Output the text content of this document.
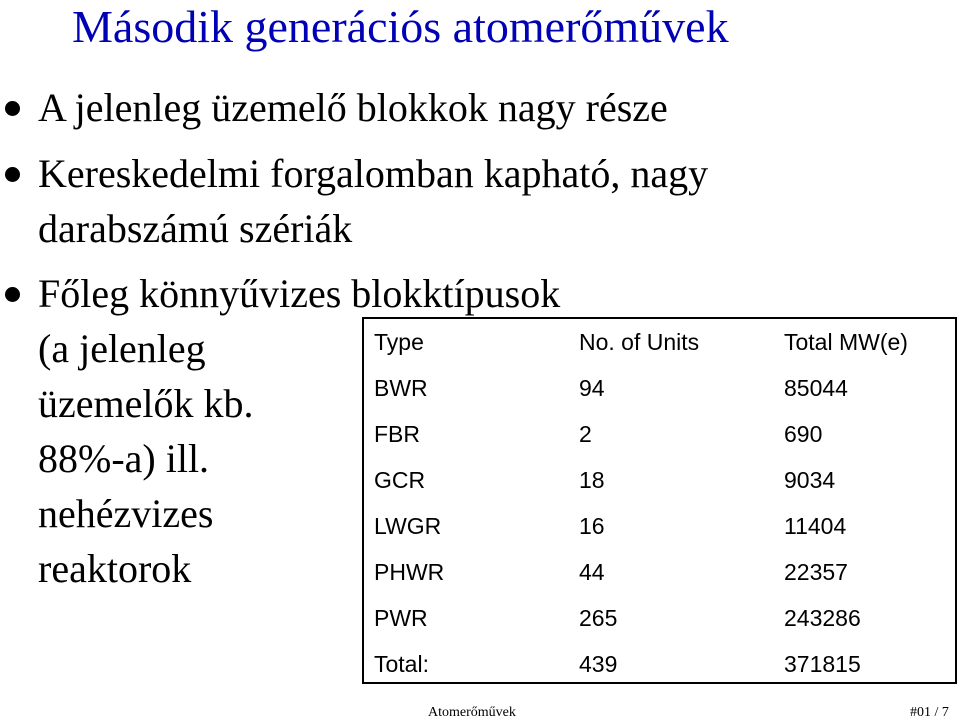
Második generációs atomerőművek
A jelenleg üzemelő blokkok nagy része
Kereskedelmi forgalomban kapható, nagy
darabszámú szériák
Főleg könnyűvizes blokktípusok
(a jelenleg
üzemelők kb.
88%-a) ill.
nehézvizes
reaktorok
Type	No. of Units	Total MW(e)
BWR	94	85044
FBR	2	690
GCR	18	9034
LWGR	16	11404
PHWR	44	22357
PWR	265	243286
Total:	439	371815
Atomerőművek	#01 / 7
